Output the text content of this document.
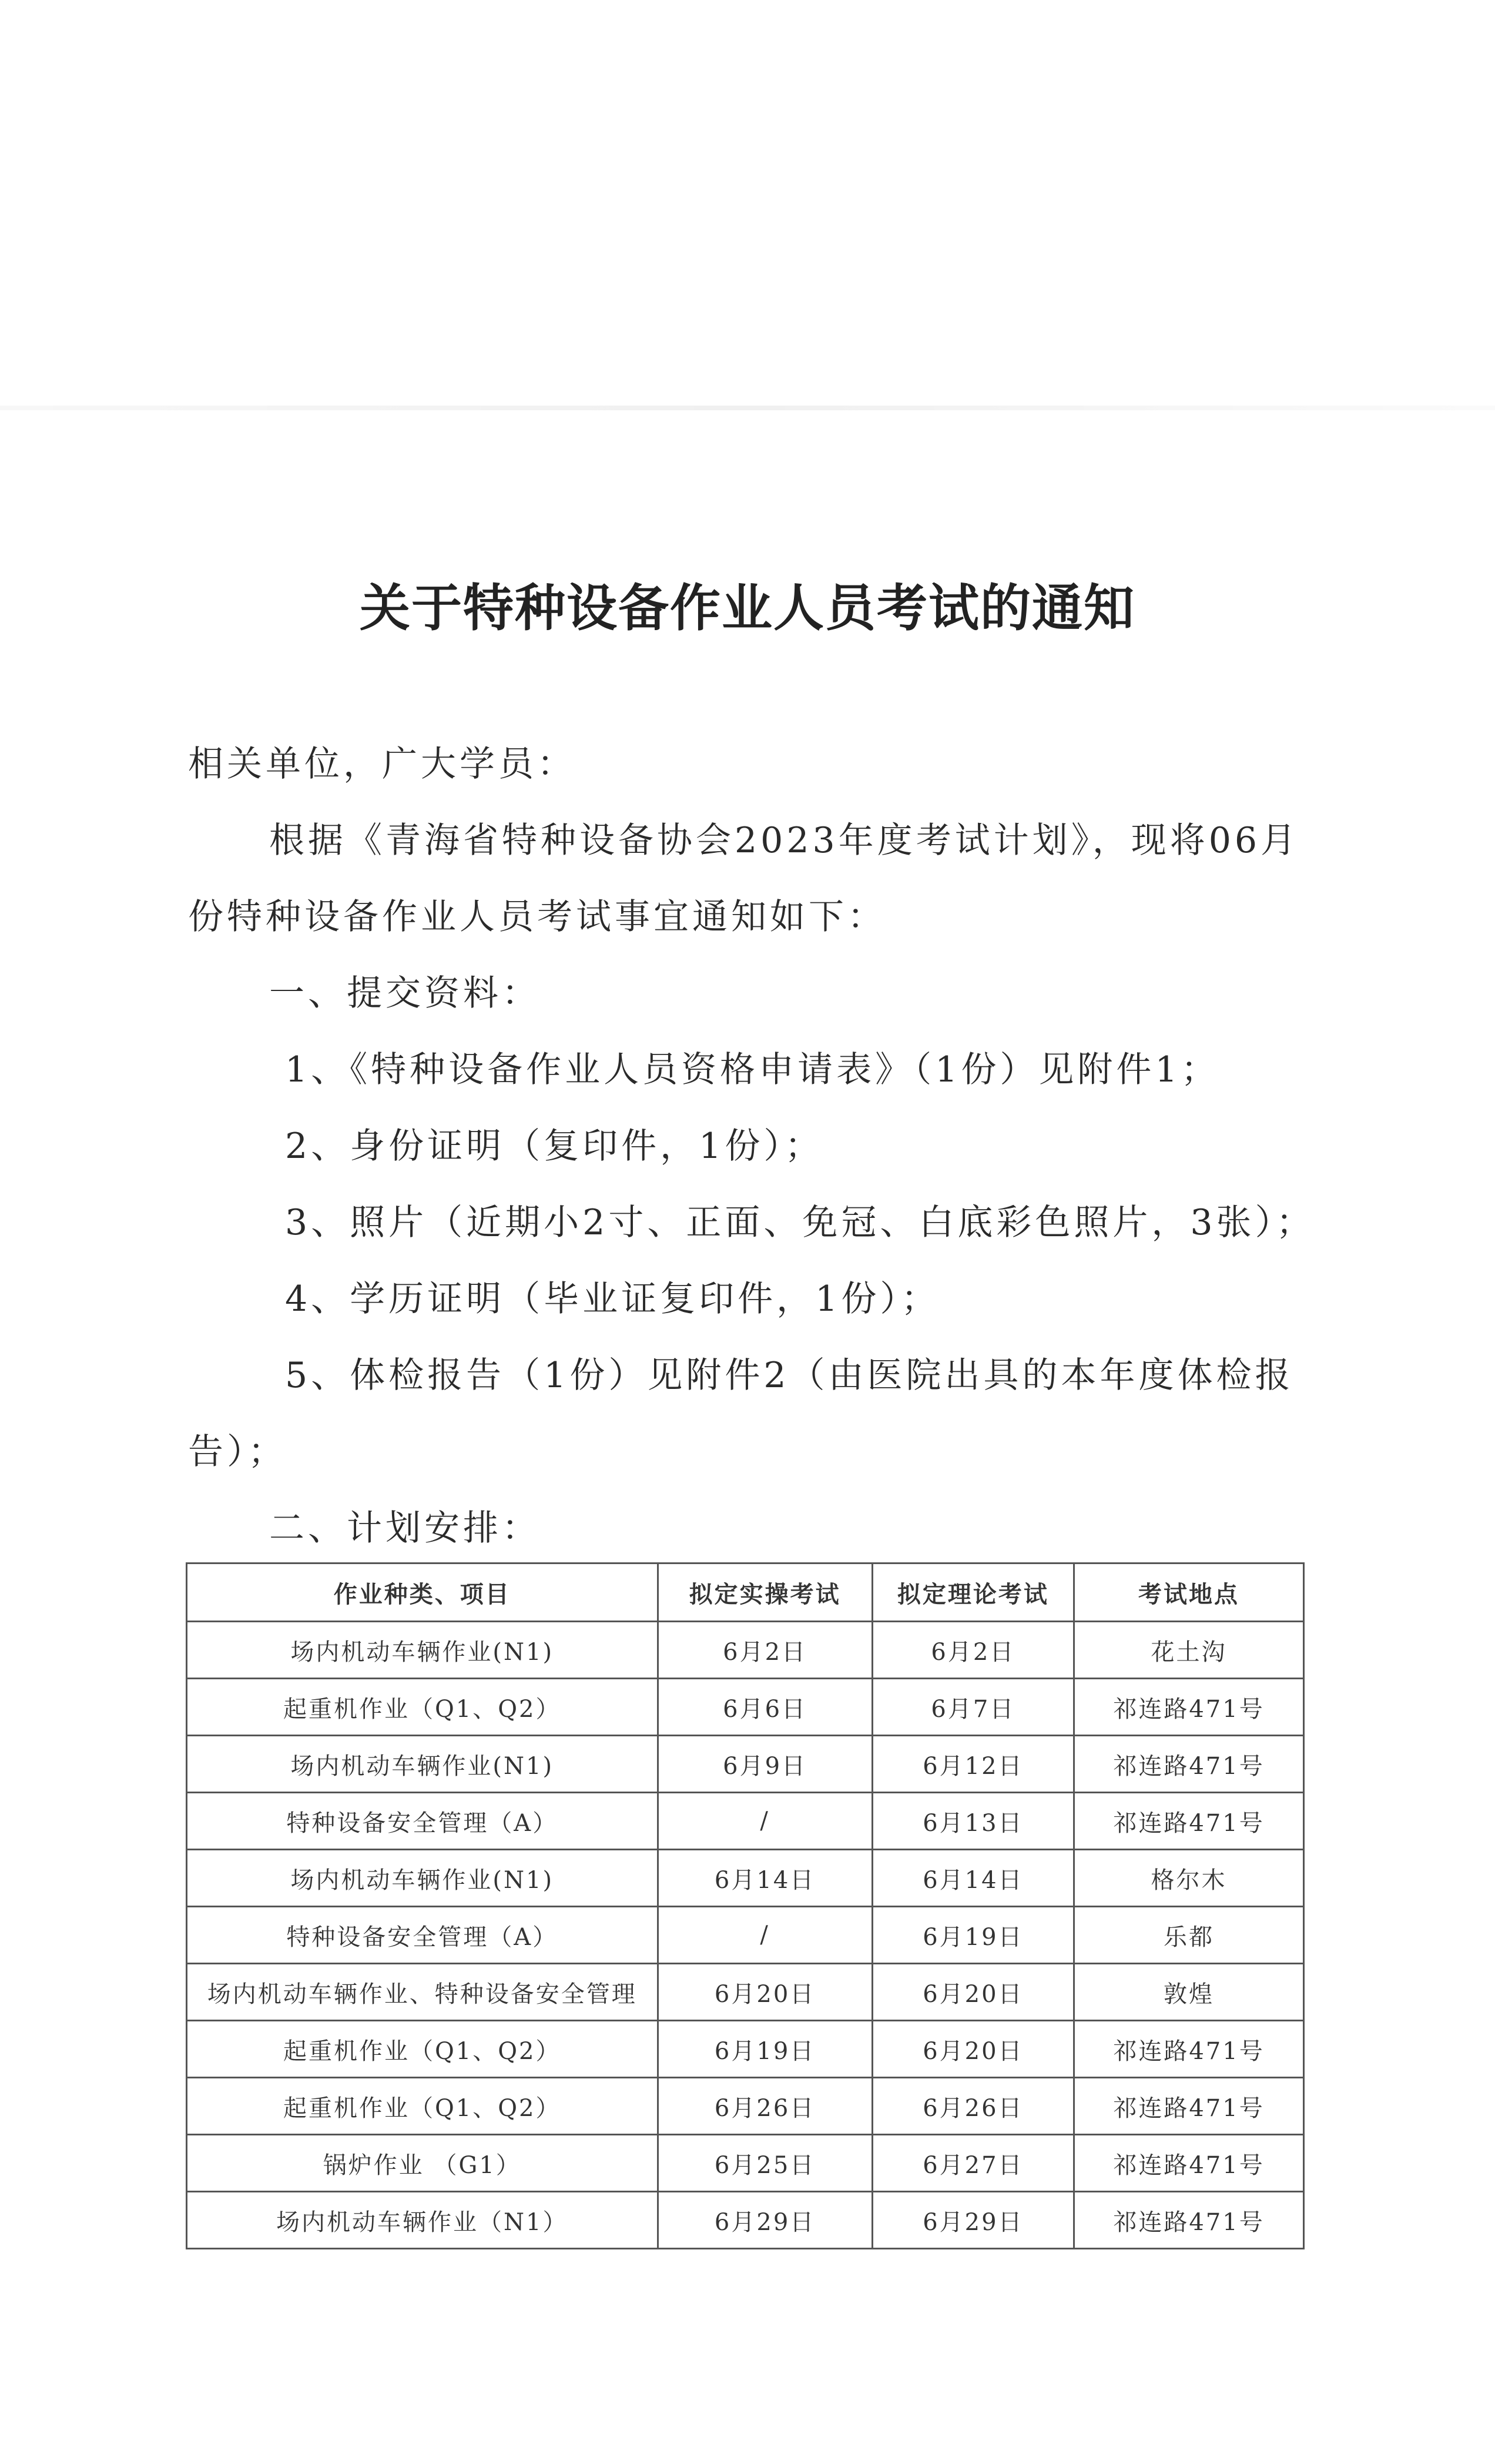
关于特种设备作业人员考试的通知
相关单位，广大学员：
根据《青海省特种设备协会2023年度考试计划》，现将06月份特种设备作业人员考试事宜通知如下：
一、提交资料：
1、《特种设备作业人员资格申请表》（1份）见附件1；
2、身份证明（复印件，1份）；
3、照片（近期小2寸、正面、免冠、白底彩色照片，3张）；
4、学历证明（毕业证复印件，1份）；
5、体检报告（1份）见附件2（由医院出具的本年度体检报告）；
二、计划安排：
作业种类、项目	拟定实操考试	拟定理论考试	考试地点
场内机动车辆作业(N1)	6月2日	6月2日	花土沟
起重机作业（Q1、Q2）	6月6日	6月7日	祁连路471号
场内机动车辆作业(N1)	6月9日	6月12日	祁连路471号
特种设备安全管理（A）	/	6月13日	祁连路471号
场内机动车辆作业(N1)	6月14日	6月14日	格尔木
特种设备安全管理（A）	/	6月19日	乐都
场内机动车辆作业、特种设备安全管理	6月20日	6月20日	敦煌
起重机作业（Q1、Q2）	6月19日	6月20日	祁连路471号
起重机作业（Q1、Q2）	6月26日	6月26日	祁连路471号
锅炉作业 （G1）	6月25日	6月27日	祁连路471号
场内机动车辆作业（N1）	6月29日	6月29日	祁连路471号
